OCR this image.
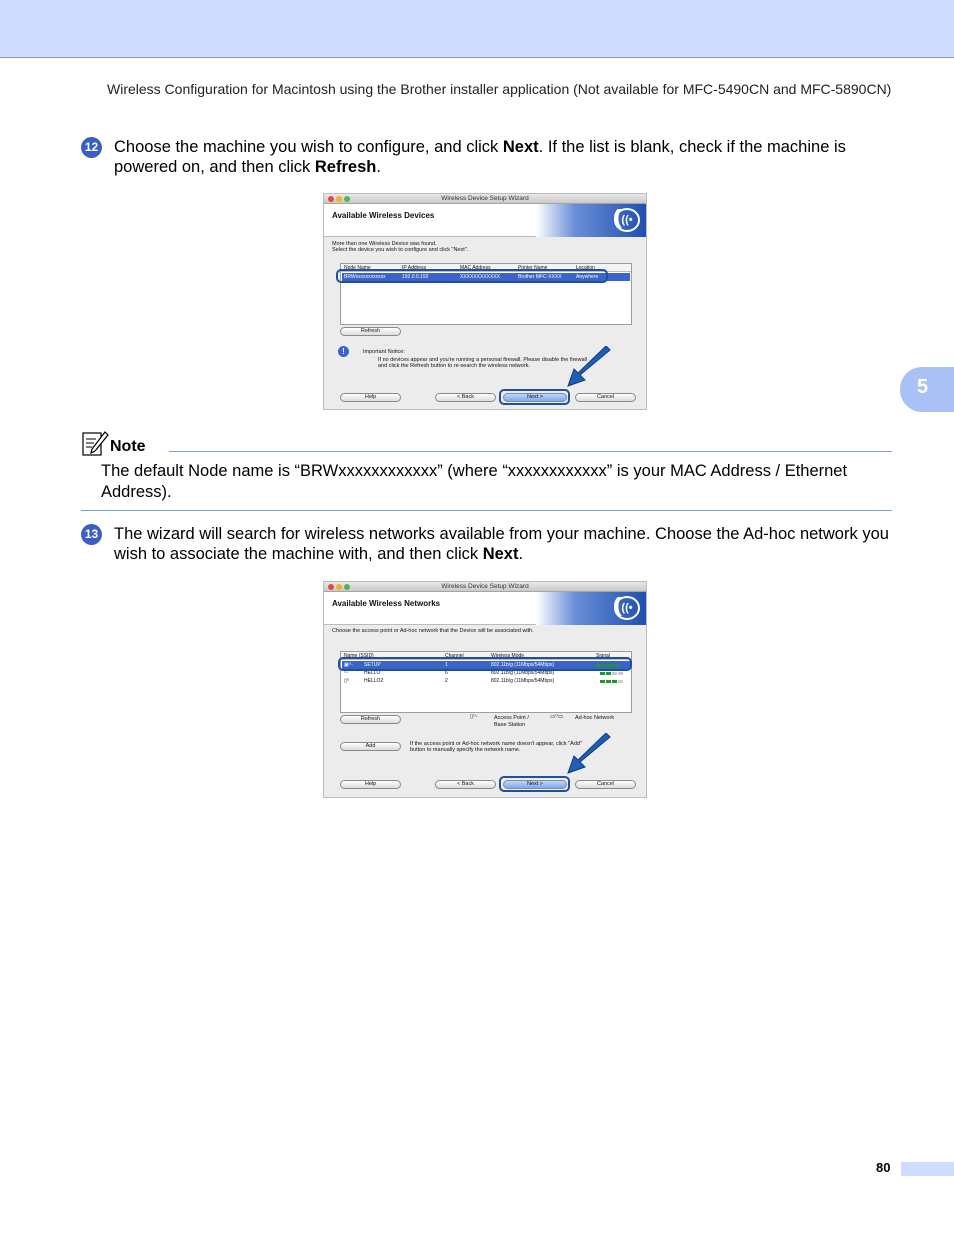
Wireless Configuration for Macintosh using the Brother installer application (Not available for MFC-5490CN and MFC-5890CN)
5
12 Choose the machine you wish to configure, and click Next. If the list is blank, check if the machine is powered on, and then click Refresh.
Wireless Device Setup Wizard
Available Wireless Devices	((((( ((•
More than one Wireless Device was found.
Select the device you wish to configure and click "Next".
Node Name	IP Address	MAC Address	Printer Name	Location
BRWxxxxxxxxxxxx	192.0.0.192	XXXXXXXXXXXX	Brother MFC-XXXX	Anywhere
Refresh
!	Important Notice:
If no devices appear and you're running a personal firewall. Please disable the firewall
and click the Refresh button to re-search the wireless network.
Help	< Back	Next >	Cancel
Note
The default Node name is “BRWxxxxxxxxxxxx” (where “xxxxxxxxxxxx” is your MAC Address / Ethernet Address).
13 The wizard will search for wireless networks available from your machine. Choose the Ad-hoc network you wish to associate the machine with, and then click Next.
Wireless Device Setup Wizard
Available Wireless Networks	((((( ((•
Choose the access point or Ad-hoc network that the Device will be associated with.
Name (SSID)	Channel	Wireless Mode	Signal
▣⁽⁾◦ SETUP	1	802.11b/g (11Mbps/54Mbps)
⁽⁾◦	HELLO	6	802.11b/g (11Mbps/54Mbps)
▯⁽⁾	HELLO2	2	802.11b/g (11Mbps/54Mbps)
Refresh	▯⁽⁾◦	Access Point /
Base Station
▭⁽⁾▭ Ad-hoc Network
Add	If the access point or Ad-hoc network name doesn't appear, click "Add"
button to manually specify the network name.
Help	< Back	Next >	Cancel
80
